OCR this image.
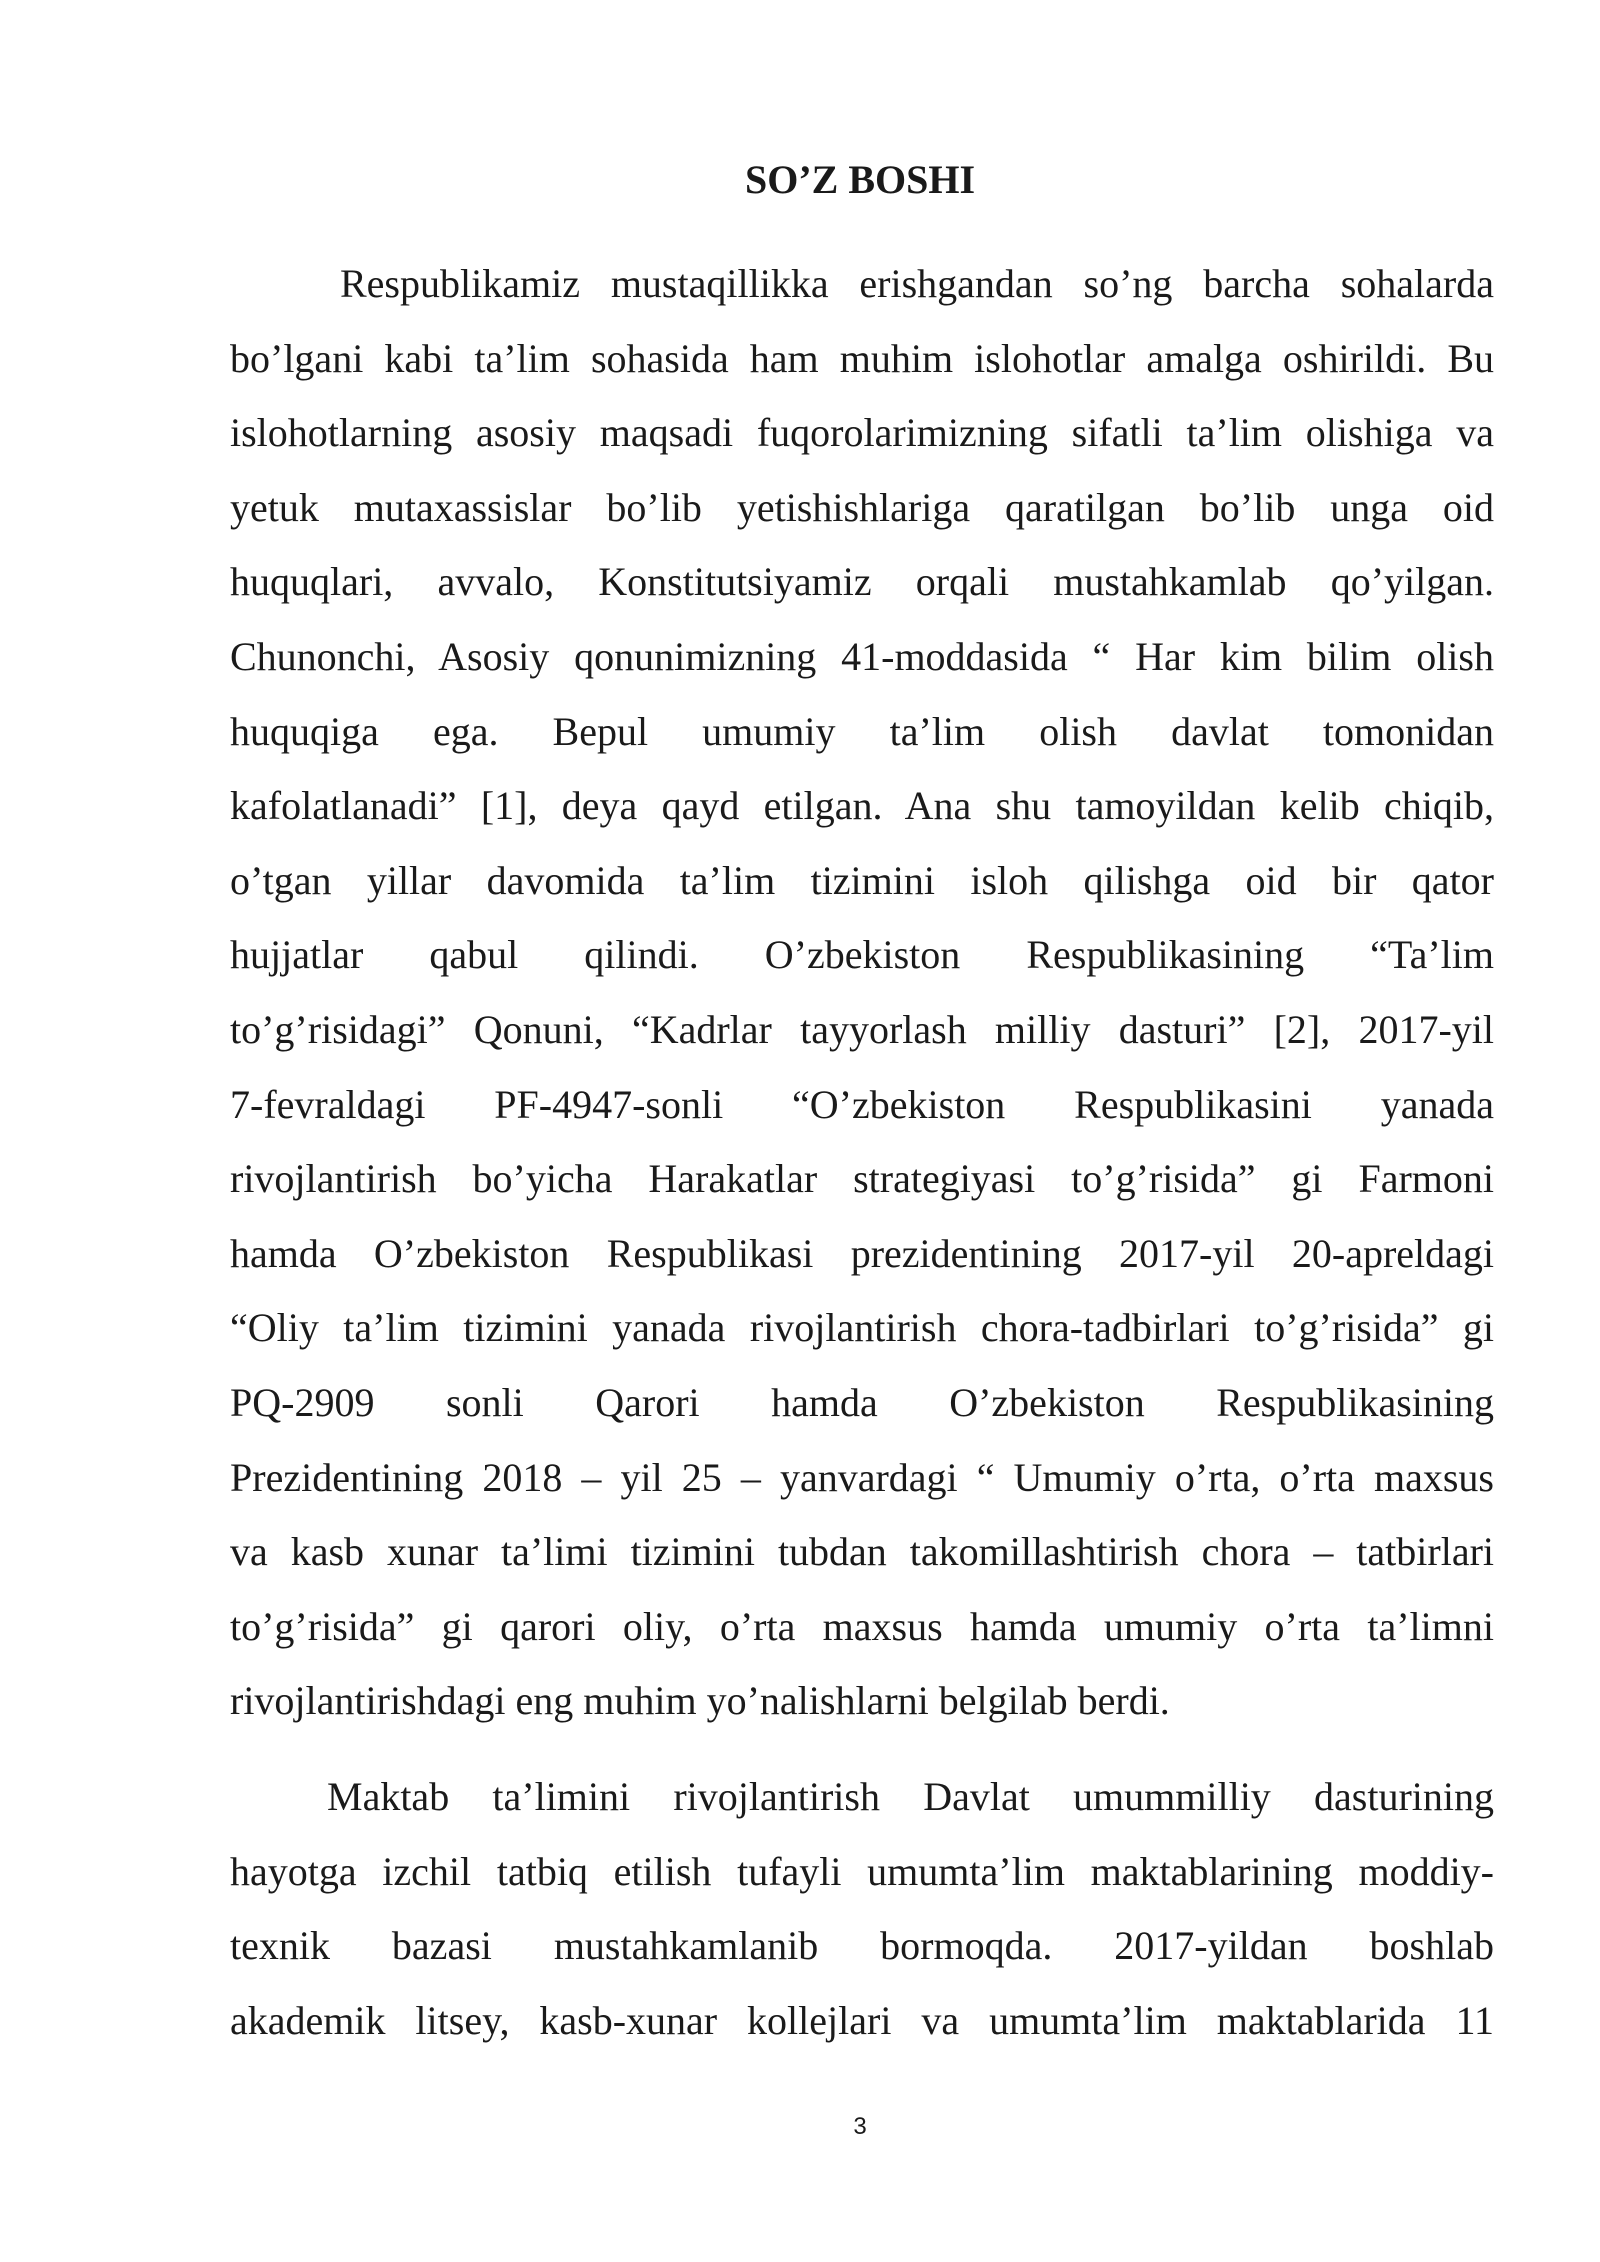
SO’Z BOSHI
Respublikamiz mustaqillikka erishgandan so’ng barcha sohalarda
bo’lgani kabi ta’lim sohasida ham muhim islohotlar amalga oshirildi. Bu
islohotlarning asosiy maqsadi fuqorolarimizning sifatli ta’lim olishiga va
yetuk mutaxassislar bo’lib yetishishlariga qaratilgan bo’lib unga oid
huquqlari, avvalo, Konstitutsiyamiz orqali mustahkamlab qo’yilgan.
Chunonchi, Asosiy qonunimizning 41-moddasida “ Har kim bilim olish
huquqiga ega. Bepul umumiy ta’lim olish davlat tomonidan
kafolatlanadi” [1], deya qayd etilgan. Ana shu tamoyildan kelib chiqib,
o’tgan yillar davomida ta’lim tizimini isloh qilishga oid bir qator
hujjatlar qabul qilindi. O’zbekiston Respublikasining “Ta’lim
to’g’risidagi” Qonuni, “Kadrlar tayyorlash milliy dasturi” [2], 2017-yil
7-fevraldagi PF-4947-sonli “O’zbekiston Respublikasini yanada
rivojlantirish bo’yicha Harakatlar strategiyasi to’g’risida” gi Farmoni
hamda O’zbekiston Respublikasi prezidentining 2017-yil 20-apreldagi
“Oliy ta’lim tizimini yanada rivojlantirish chora-tadbirlari to’g’risida” gi
PQ-2909 sonli Qarori hamda O’zbekiston Respublikasining
Prezidentining 2018 – yil 25 – yanvardagi “ Umumiy o’rta, o’rta maxsus
va kasb xunar ta’limi tizimini tubdan takomillashtirish chora – tatbirlari
to’g’risida” gi qarori oliy, o’rta maxsus hamda umumiy o’rta ta’limni
rivojlantirishdagi eng muhim yo’nalishlarni belgilab berdi.
Maktab ta’limini rivojlantirish Davlat umummilliy dasturining
hayotga izchil tatbiq etilish tufayli umumta’lim maktablarining moddiy-
texnik bazasi mustahkamlanib bormoqda. 2017-yildan boshlab
akademik litsey, kasb-xunar kollejlari va umumta’lim maktablarida 11
3
